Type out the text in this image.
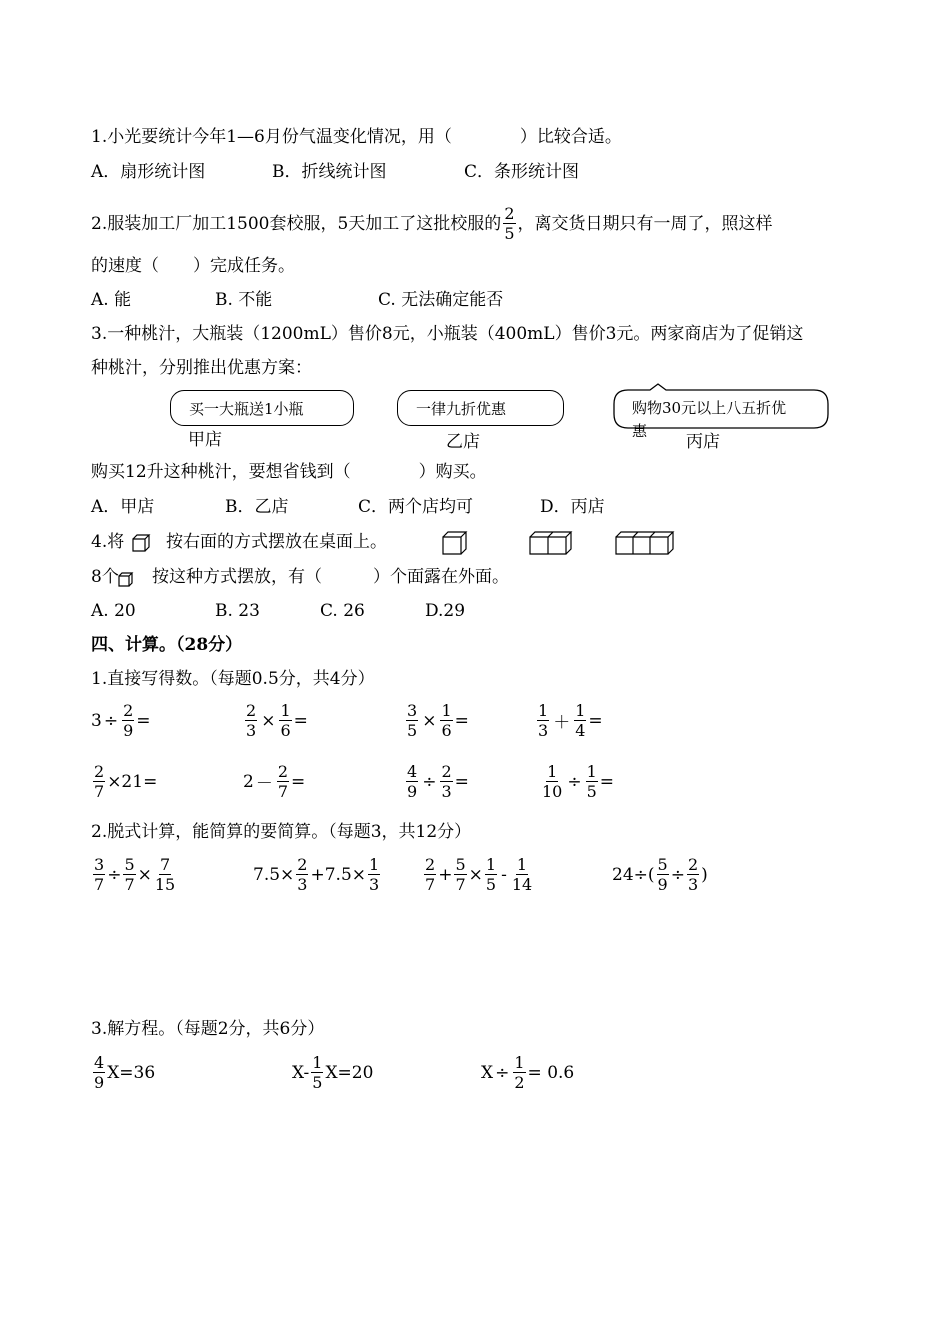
1.小光要统计今年1—6月份气温变化情况，用（　　　　）比较合适。
A．扇形统计图	B．折线统计图	C．条形统计图
2.服装加工厂加工1500套校服，5天加工了这批校服的 $\frac{2}{5}$ ，离交货日期只有一周了，照这样
的速度（　　）完成任务。
A. 能	B. 不能	C. 无法确定能否
3.一种桃汁，大瓶装（1200mL）售价8元，小瓶装（400mL）售价3元。两家商店为了促销这
种桃汁，分别推出优惠方案：
买一大瓶送1小瓶
甲店
一律九折优惠
乙店
购物30元以上八五折优
惠
丙店
购买12升这种桃汁，要想省钱到（　　　　）购买。
A．甲店	B．乙店	C．两个店均可	D．丙店
4.将 按右面的方式摆放在桌面上。
8个 按这种方式摆放，有（　　　）个面露在外面。
A. 20	B. 23	C. 26	D.29
四、计算。（28分）
1.直接写得数。（每题0.5分，共4分）
$3 \div \frac{2}{9}$ =	$\frac{2}{3} \times \frac{1}{6}$ =	$\frac{3}{5} \times \frac{1}{6}$ =	$\frac{1}{3} + \frac{1}{4}$ =
$\frac{2}{7} \times 21=$	$2 - \frac{2}{7}$ =	$\frac{4}{9} \div \frac{2}{3}$ =	$\frac{1}{10} \div \frac{1}{5}$ =
2.脱式计算，能简算的要简算。（每题3，共12分）
$\frac{3}{7} \div \frac{5}{7} \times \frac{7}{15}$	$7.5 \times \frac{2}{3} + 7.5 \times \frac{1}{3}$	$\frac{2}{7} + \frac{5}{7} \times \frac{1}{5} - \frac{1}{14}$	24 ÷ ( $\frac{5}{9} \div \frac{2}{3}$ )
3.解方程。（每题2分，共6分）
$\frac{4}{9} X=36$	$X- \frac{1}{5} X=20$	$X \div \frac{1}{2} = 0.6$
